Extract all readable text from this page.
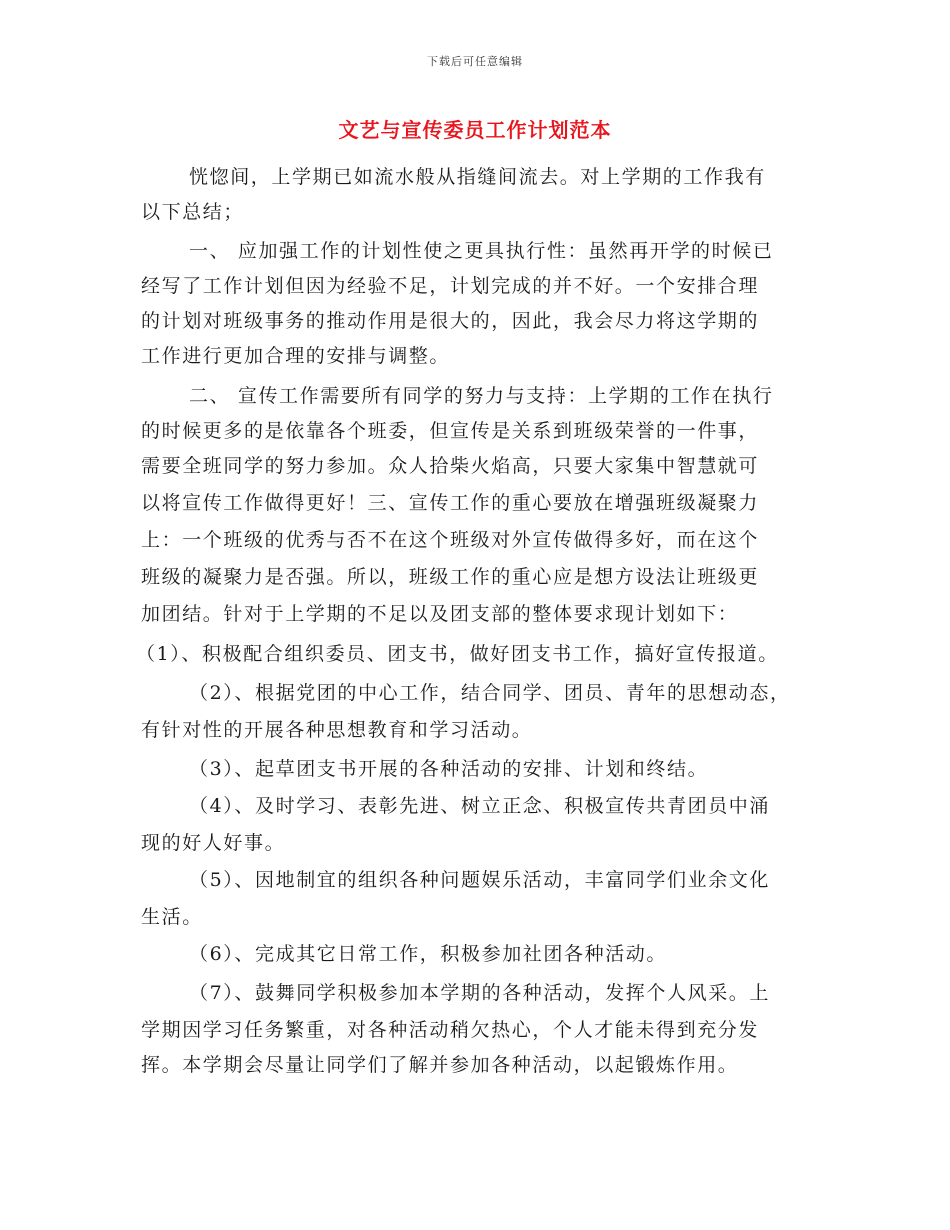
下载后可任意编辑
文艺与宣传委员工作计划范本
恍惚间，上学期已如流水般从指缝间流去。对上学期的工作我有
以下总结；
一、 应加强工作的计划性使之更具执行性：虽然再开学的时候已
经写了工作计划但因为经验不足，计划完成的并不好。一个安排合理
的计划对班级事务的推动作用是很大的，因此，我会尽力将这学期的
工作进行更加合理的安排与调整。
二、 宣传工作需要所有同学的努力与支持：上学期的工作在执行
的时候更多的是依靠各个班委，但宣传是关系到班级荣誉的一件事，
需要全班同学的努力参加。众人拾柴火焰高，只要大家集中智慧就可
以将宣传工作做得更好！三、宣传工作的重心要放在增强班级凝聚力
上：一个班级的优秀与否不在这个班级对外宣传做得多好，而在这个
班级的凝聚力是否强。所以，班级工作的重心应是想方设法让班级更
加团结。针对于上学期的不足以及团支部的整体要求现计划如下：
（1）、积极配合组织委员、团支书，做好团支书工作，搞好宣传报道。
（2）、根据党团的中心工作，结合同学、团员、青年的思想动态，
有针对性的开展各种思想教育和学习活动。
（3）、起草团支书开展的各种活动的安排、计划和终结。
（4）、及时学习、表彰先进、树立正念、积极宣传共青团员中涌
现的好人好事。
（5）、因地制宜的组织各种问题娱乐活动，丰富同学们业余文化
生活。
（6）、完成其它日常工作，积极参加社团各种活动。
（7）、鼓舞同学积极参加本学期的各种活动，发挥个人风采。上
学期因学习任务繁重，对各种活动稍欠热心，个人才能未得到充分发
挥。本学期会尽量让同学们了解并参加各种活动，以起锻炼作用。
